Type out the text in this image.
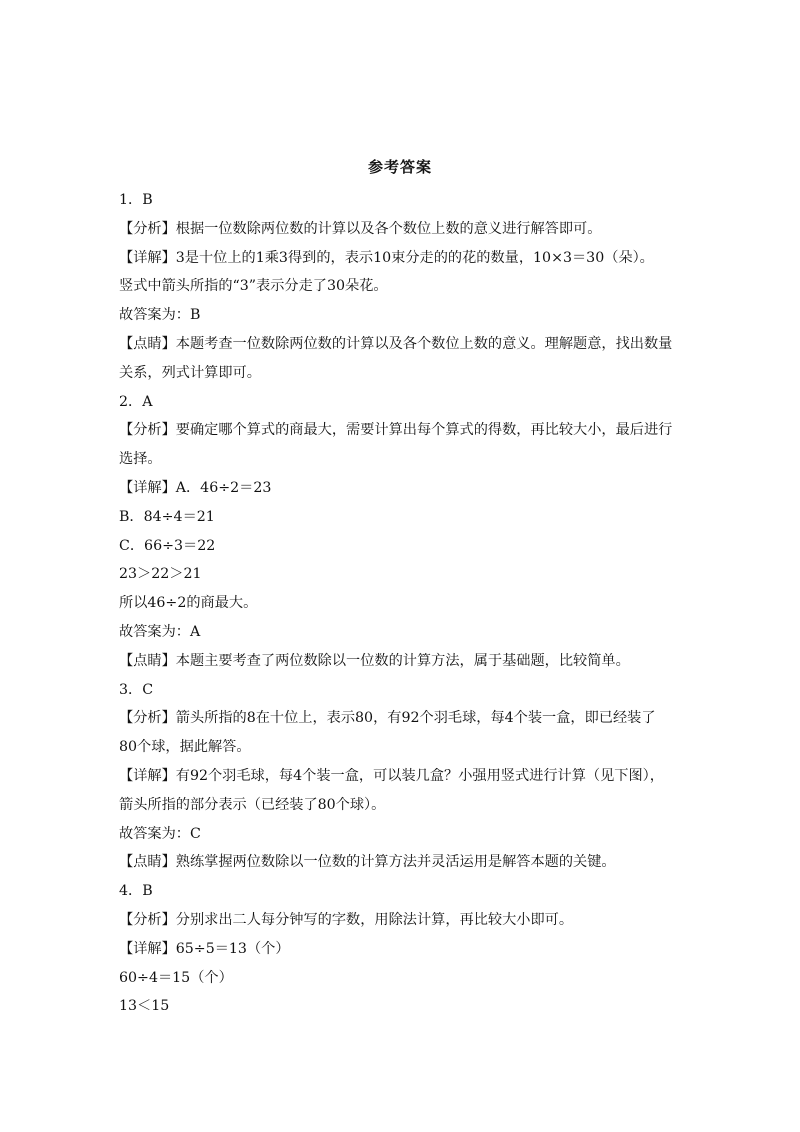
参考答案
1．B
【分析】根据一位数除两位数的计算以及各个数位上数的意义进行解答即可。
【详解】3是十位上的1乘3得到的，表示10束分走的的花的数量，10×3＝30（朵）。
竖式中箭头所指的“3”表示分走了30朵花。
故答案为：B
【点睛】本题考查一位数除两位数的计算以及各个数位上数的意义。理解题意，找出数量
关系，列式计算即可。
2．A
【分析】要确定哪个算式的商最大，需要计算出每个算式的得数，再比较大小，最后进行
选择。
【详解】A．46÷2＝23
B．84÷4＝21
C．66÷3＝22
23＞22＞21
所以46÷2的商最大。
故答案为：A
【点睛】本题主要考查了两位数除以一位数的计算方法，属于基础题，比较简单。
3．C
【分析】箭头所指的8在十位上，表示80，有92个羽毛球，每4个装一盒，即已经装了
80个球，据此解答。
【详解】有92个羽毛球，每4个装一盒，可以装几盒？小强用竖式进行计算（见下图），
箭头所指的部分表示（已经装了80个球）。
故答案为：C
【点睛】熟练掌握两位数除以一位数的计算方法并灵活运用是解答本题的关键。
4．B
【分析】分别求出二人每分钟写的字数，用除法计算，再比较大小即可。
【详解】65÷5＝13（个）
60÷4＝15（个）
13＜15
